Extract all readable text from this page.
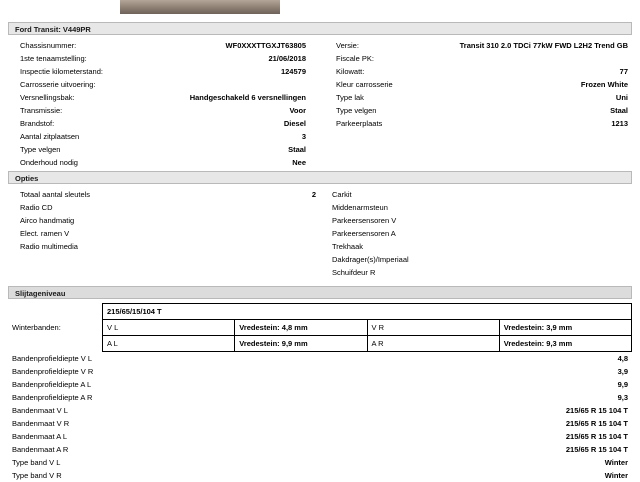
Ford Transit: V449PR
Chassisnummer:	WF0XXXTTGXJT63805
1ste tenaamstelling:	21/06/2018
Inspectie kilometerstand:	124579
Carrosserie uitvoering:
Versnellingsbak:	Handgeschakeld 6 versnellingen
Transmissie:	Voor
Brandstof:	Diesel
Aantal zitplaatsen	3
Type velgen	Staal
Onderhoud nodig	Nee
Versie:	Transit 310 2.0 TDCi 77kW FWD L2H2 Trend GB
Fiscale PK:
Kilowatt:	77
Kleur carrosserie	Frozen White
Type lak	Uni
Type velgen	Staal
Parkeerplaats	1213
Opties
Totaal aantal sleutels	2
Radio CD
Airco handmatig
Elect. ramen V
Radio multimedia
Carkit
Middenarmsteun
Parkeersensoren V
Parkeersensoren A
Trekhaak
Dakdrager(s)/Imperiaal
Schuifdeur R
Slijtageniveau
Winterbanden:	215/65/15/104 T			
	V L	Vredestein: 4,8 mm	V R	Vredestein: 3,9 mm
	A L	Vredestein: 9,9 mm	A R	Vredestein: 9,3 mm
Bandenprofieldiepte V L	4,8
Bandenprofieldiepte V R	3,9
Bandenprofieldiepte A L	9,9
Bandenprofieldiepte A R	9,3
Bandenmaat V L	215/65 R 15 104 T
Bandenmaat V R	215/65 R 15 104 T
Bandenmaat A L	215/65 R 15 104 T
Bandenmaat A R	215/65 R 15 104 T
Type band V L	Winter
Type band V R	Winter
